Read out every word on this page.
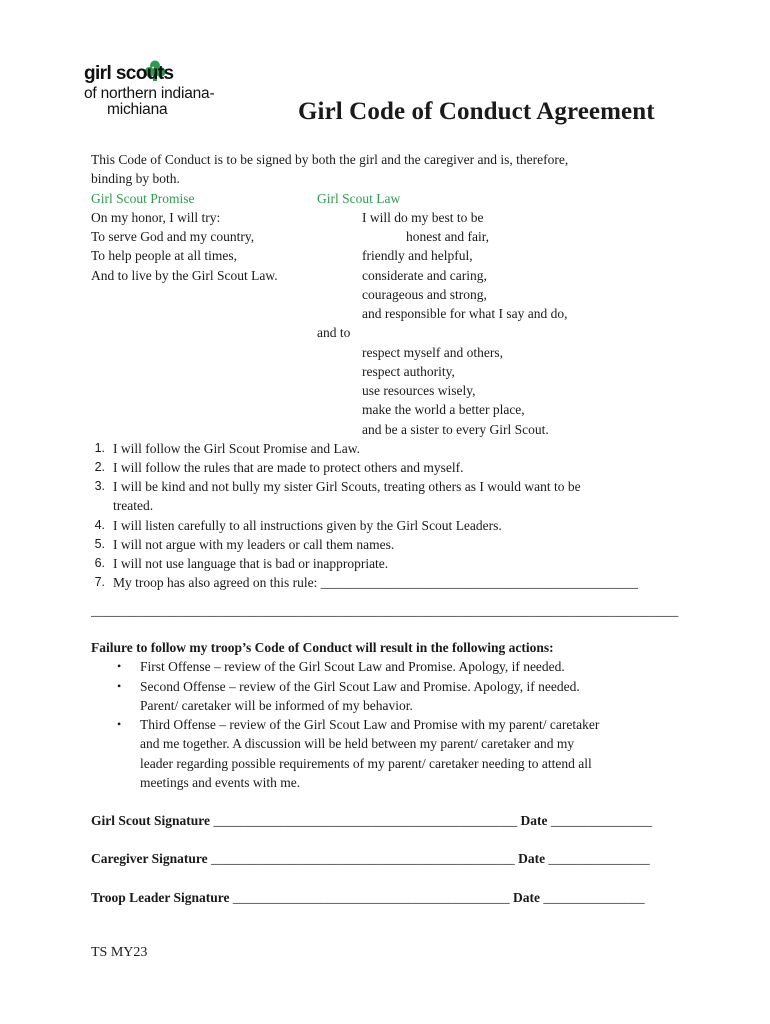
girl scouts
of northern indiana-
michiana	Girl Code of Conduct Agreement
This Code of Conduct is to be signed by both the girl and the caregiver and is, therefore,
binding by both.
Girl Scout Promise
On my honor, I will try:
To serve God and my country,
To help people at all times,
And to live by the Girl Scout Law.
Girl Scout Law
I will do my best to be
honest and fair,
friendly and helpful,
considerate and caring,
courageous and strong,
and responsible for what I say and do,
and to
respect myself and others,
respect authority,
use resources wisely,
make the world a better place,
and be a sister to every Girl Scout.
1. I will follow the Girl Scout Promise and Law.
2. I will follow the rules that are made to protect others and myself.
3. I will be kind and not bully my sister Girl Scouts, treating others as I would want to be
treated.
4. I will listen carefully to all instructions given by the Girl Scout Leaders.
5. I will not argue with my leaders or call them names.
6. I will not use language that is bad or inappropriate.
7. My troop has also agreed on this rule: _______________________________________________
_______________________________________________________________________________________
Failure to follow my troop’s Code of Conduct will result in the following actions:
• First Offense – review of the Girl Scout Law and Promise. Apology, if needed.
• Second Offense – review of the Girl Scout Law and Promise. Apology, if needed.
Parent/ caretaker will be informed of my behavior.
• Third Offense – review of the Girl Scout Law and Promise with my parent/ caretaker
and me together. A discussion will be held between my parent/ caretaker and my
leader regarding possible requirements of my parent/ caretaker needing to attend all
meetings and events with me.
Girl Scout Signature _____________________________________________ Date _______________
Caregiver Signature _____________________________________________ Date _______________
Troop Leader Signature _________________________________________ Date _______________
TS MY23
